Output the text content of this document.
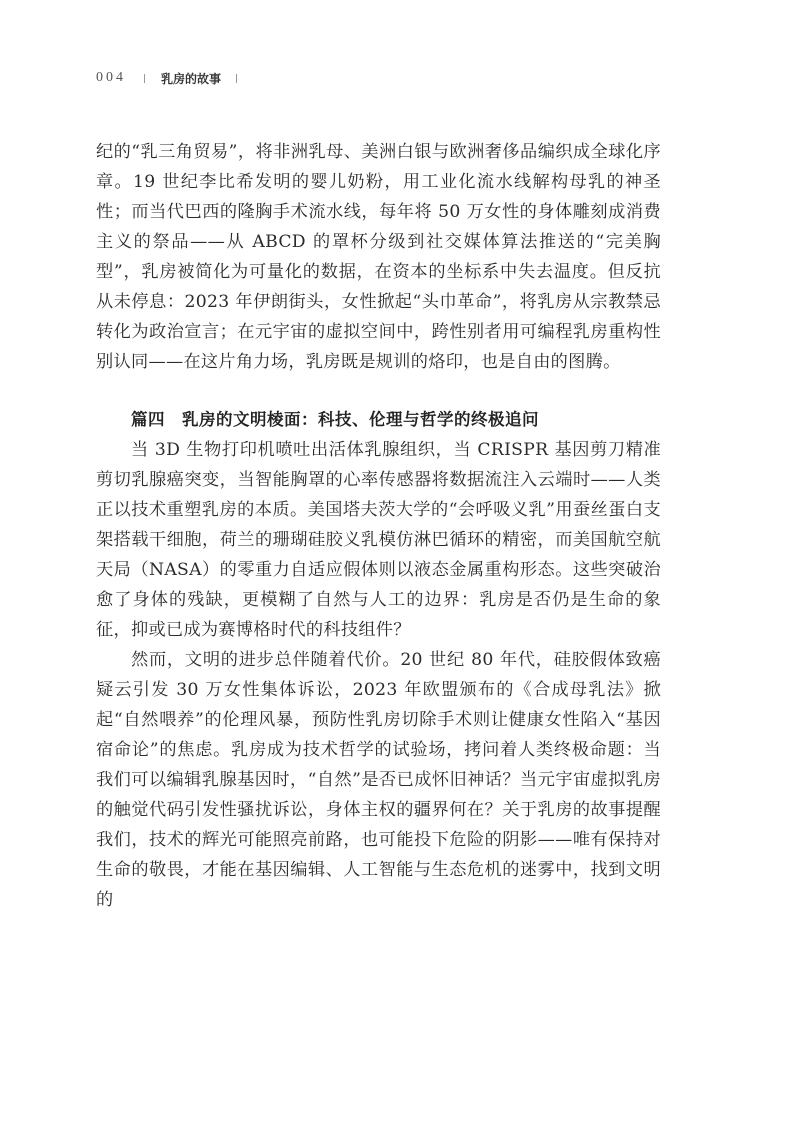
004	乳房的故事

纪的“乳三角贸易”，将非洲乳母、美洲白银与欧洲奢侈品编织成全球化序章。19 世纪李比希发明的婴儿奶粉，用工业化流水线解构母乳的神圣性；而当代巴西的隆胸手术流水线，每年将 50 万女性的身体雕刻成消费主义的祭品——从 ABCD 的罩杯分级到社交媒体算法推送的“完美胸型”，乳房被简化为可量化的数据，在资本的坐标系中失去温度。但反抗从未停息：2023 年伊朗街头，女性掀起“头巾革命”，将乳房从宗教禁忌转化为政治宣言；在元宇宙的虚拟空间中，跨性别者用可编程乳房重构性别认同——在这片角力场，乳房既是规训的烙印，也是自由的图腾。

篇四　乳房的文明棱面：科技、伦理与哲学的终极追问

当 3D 生物打印机喷吐出活体乳腺组织，当 CRISPR 基因剪刀精准剪切乳腺癌突变，当智能胸罩的心率传感器将数据流注入云端时——人类正以技术重塑乳房的本质。美国塔夫茨大学的“会呼吸义乳”用蚕丝蛋白支架搭载干细胞，荷兰的珊瑚硅胶义乳模仿淋巴循环的精密，而美国航空航天局（NASA）的零重力自适应假体则以液态金属重构形态。这些突破治愈了身体的残缺，更模糊了自然与人工的边界：乳房是否仍是生命的象征，抑或已成为赛博格时代的科技组件？

然而，文明的进步总伴随着代价。20 世纪 80 年代，硅胶假体致癌疑云引发 30 万女性集体诉讼，2023 年欧盟颁布的《合成母乳法》掀起“自然喂养”的伦理风暴，预防性乳房切除手术则让健康女性陷入“基因宿命论”的焦虑。乳房成为技术哲学的试验场，拷问着人类终极命题：当我们可以编辑乳腺基因时，“自然”是否已成怀旧神话？当元宇宙虚拟乳房的触觉代码引发性骚扰诉讼，身体主权的疆界何在？关于乳房的故事提醒我们，技术的辉光可能照亮前路，也可能投下危险的阴影——唯有保持对生命的敬畏，才能在基因编辑、人工智能与生态危机的迷雾中，找到文明的
